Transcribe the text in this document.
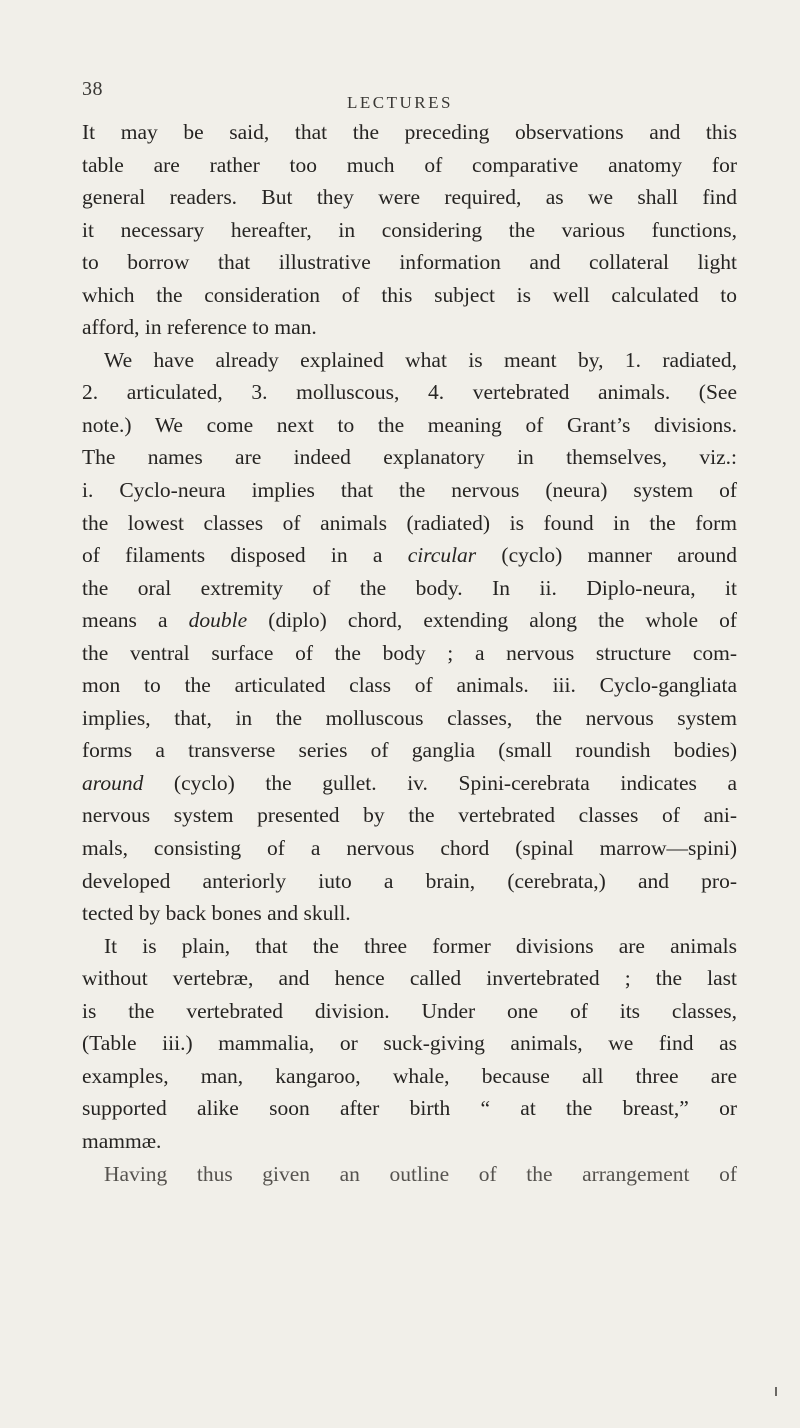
38
LECTURES
It may be said, that the preceding observations and this
table are rather too much of comparative anatomy for
general readers. But they were required, as we shall find
it necessary hereafter, in considering the various functions,
to borrow that illustrative information and collateral light
which the consideration of this subject is well calculated to
afford, in reference to man.
We have already explained what is meant by, 1. radiated,
2. articulated, 3. molluscous, 4. vertebrated animals. (See
note.) We come next to the meaning of Grant’s divisions.
The names are indeed explanatory in themselves, viz.:
i. Cyclo-neura implies that the nervous (neura) system of
the lowest classes of animals (radiated) is found in the form
of filaments disposed in a circular (cyclo) manner around
the oral extremity of the body. In ii. Diplo-neura, it
means a double (diplo) chord, extending along the whole of
the ventral surface of the body ; a nervous structure com-
mon to the articulated class of animals. iii. Cyclo-gangliata
implies, that, in the molluscous classes, the nervous system
forms a transverse series of ganglia (small roundish bodies)
around (cyclo) the gullet. iv. Spini-cerebrata indicates a
nervous system presented by the vertebrated classes of ani-
mals, consisting of a nervous chord (spinal marrow—spini)
developed anteriorly iuto a brain, (cerebrata,) and pro-
tected by back bones and skull.
It is plain, that the three former divisions are animals
without vertebræ, and hence called invertebrated ; the last
is the vertebrated division. Under one of its classes,
(Table iii.) mammalia, or suck-giving animals, we find as
examples, man, kangaroo, whale, because all three are
supported alike soon after birth “ at the breast,” or
mammæ.
Having thus given an outline of the arrangement of
